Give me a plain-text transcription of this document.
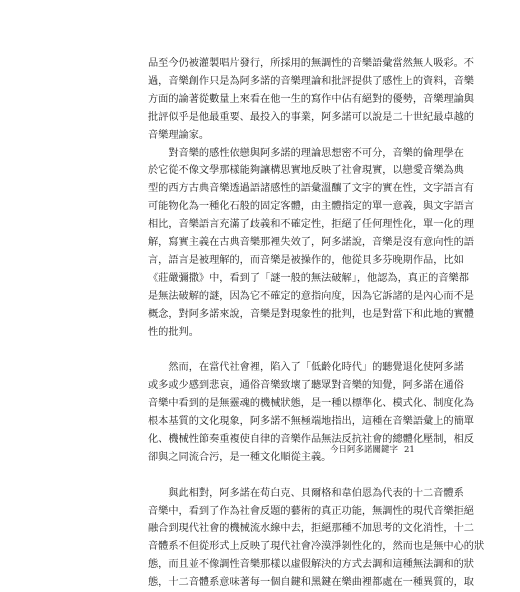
品至今仍被灌製唱片發行，所採用的無調性的音樂語彙當然無人吸彩。不
過，音樂創作只是為阿多諾的音樂理論和批評提供了感性上的資料，音樂
方面的論著從數量上來看在他一生的寫作中佔有絕對的優勢，音樂理論與
批評似乎是他最重要、最投入的事業，阿多諾可以說是二十世紀最卓越的
音樂理論家。
　　對音樂的感性依戀與阿多諾的理論思想密不可分，音樂的倫理學在
於它從不像文學那樣能夠讓構思實地反映了社會現實，以戀愛音樂為典
型的西方古典音樂透過語諸感性的語彙溫釀了文字的實在性，文字語言有
可能物化為一種化石般的固定客體，由主體指定的單一意義，與文字語言
相比，音樂語言充滿了歧義和不確定性，拒絕了任何理性化，單一化的理
解，寫實主義在古典音樂那裡失效了，阿多諾說，音樂是沒有意向性的語
言，語言是被理解的，而音樂是被操作的，他從貝多芬晚期作品，比如
《莊嚴彌撒》中，看到了「謎一般的無法破解」，他認為，真正的音樂都
是無法破解的謎，因為它不確定的意指向度，因為它訴諸的是內心而不是
概念，對阿多諾來說，音樂是對現象性的批判，也是對當下和此地的實體
性的批判。
　　然而，在當代社會裡，陷入了「低齡化時代」的聽覺退化使阿多諾
或多或少感到悲哀，通俗音樂致壞了聽眾對音樂的知覺，阿多諾在通俗
音樂中看到的是無靈魂的機械狀態，是一種以標準化、模式化、制度化為
根本基質的文化現象，阿多諾不無極端地指出，這種在音樂語彙上的簡單
化、機械性節奏重複使自律的音樂作品無法反抗社會的總體化壓制，相反
卻與之同流合污，是一種文化順從主義。
　　與此相對，阿多諾在荀白克、貝爾格和韋伯恩為代表的十二音體系
音樂中，看到了作為社會反題的藝術的真正功能，無調性的現代音樂拒絕
融合到現代社會的機械流水線中去，拒絕那種不加思考的文化消性，十二
音體系不但從形式上反映了現代社會冷漠淨剝性化的，然而也是無中心的狀
態，而且並不像調性音樂那樣以虛假解決的方式去調和這種無法調和的狀
態，十二音體系意味著每一個自鍵和黑鍵在樂曲裡都處在一種異質的，取
今日阿多諾關鍵字 21
